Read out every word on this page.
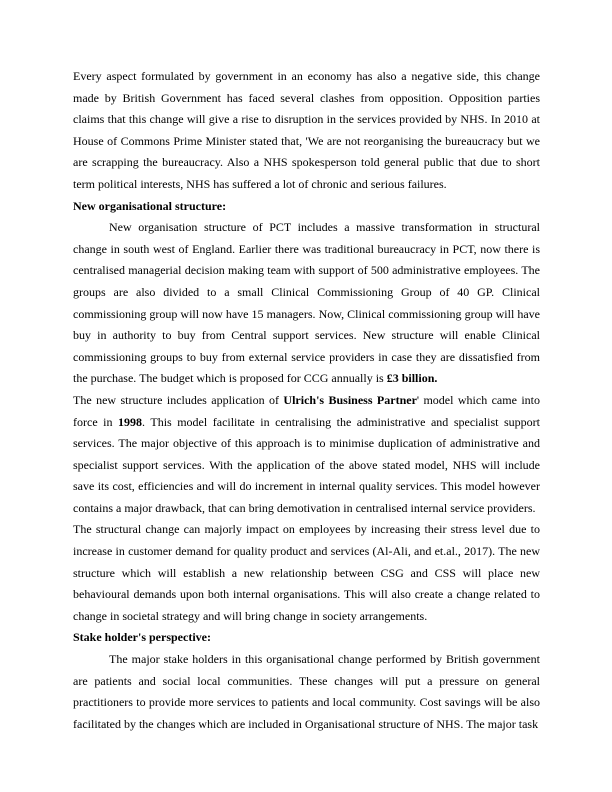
Every aspect formulated by government in an economy has also a negative side, this change made by British Government has faced several clashes from opposition. Opposition parties claims that this change will give a rise to disruption in the services provided by NHS. In 2010 at House of Commons Prime Minister stated that, 'We are not reorganising the bureaucracy but we are scrapping the bureaucracy. Also a NHS spokesperson told general public that due to short term political interests, NHS has suffered a lot of chronic and serious failures.

New organisational structure:

New organisation structure of PCT includes a massive transformation in structural change in south west of England. Earlier there was traditional bureaucracy in PCT, now there is centralised managerial decision making team with support of 500 administrative employees. The groups are also divided to a small Clinical Commissioning Group of 40 GP. Clinical commissioning group will now have 15 managers. Now, Clinical commissioning group will have buy in authority to buy from Central support services. New structure will enable Clinical commissioning groups to buy from external service providers in case they are dissatisfied from the purchase. The budget which is proposed for CCG annually is £3 billion.

The new structure includes application of Ulrich's Business Partner' model which came into force in 1998. This model facilitate in centralising the administrative and specialist support services. The major objective of this approach is to minimise duplication of administrative and specialist support services. With the application of the above stated model, NHS will include save its cost, efficiencies and will do increment in internal quality services. This model however contains a major drawback, that can bring demotivation in centralised internal service providers.

The structural change can majorly impact on employees by increasing their stress level due to increase in customer demand for quality product and services (Al-Ali, and et.al., 2017). The new structure which will establish a new relationship between CSG and CSS will place new behavioural demands upon both internal organisations. This will also create a change related to change in societal strategy and will bring change in society arrangements.

Stake holder's perspective:

The major stake holders in this organisational change performed by British government are patients and social local communities. These changes will put a pressure on general practitioners to provide more services to patients and local community. Cost savings will be also facilitated by the changes which are included in Organisational structure of NHS. The major task
